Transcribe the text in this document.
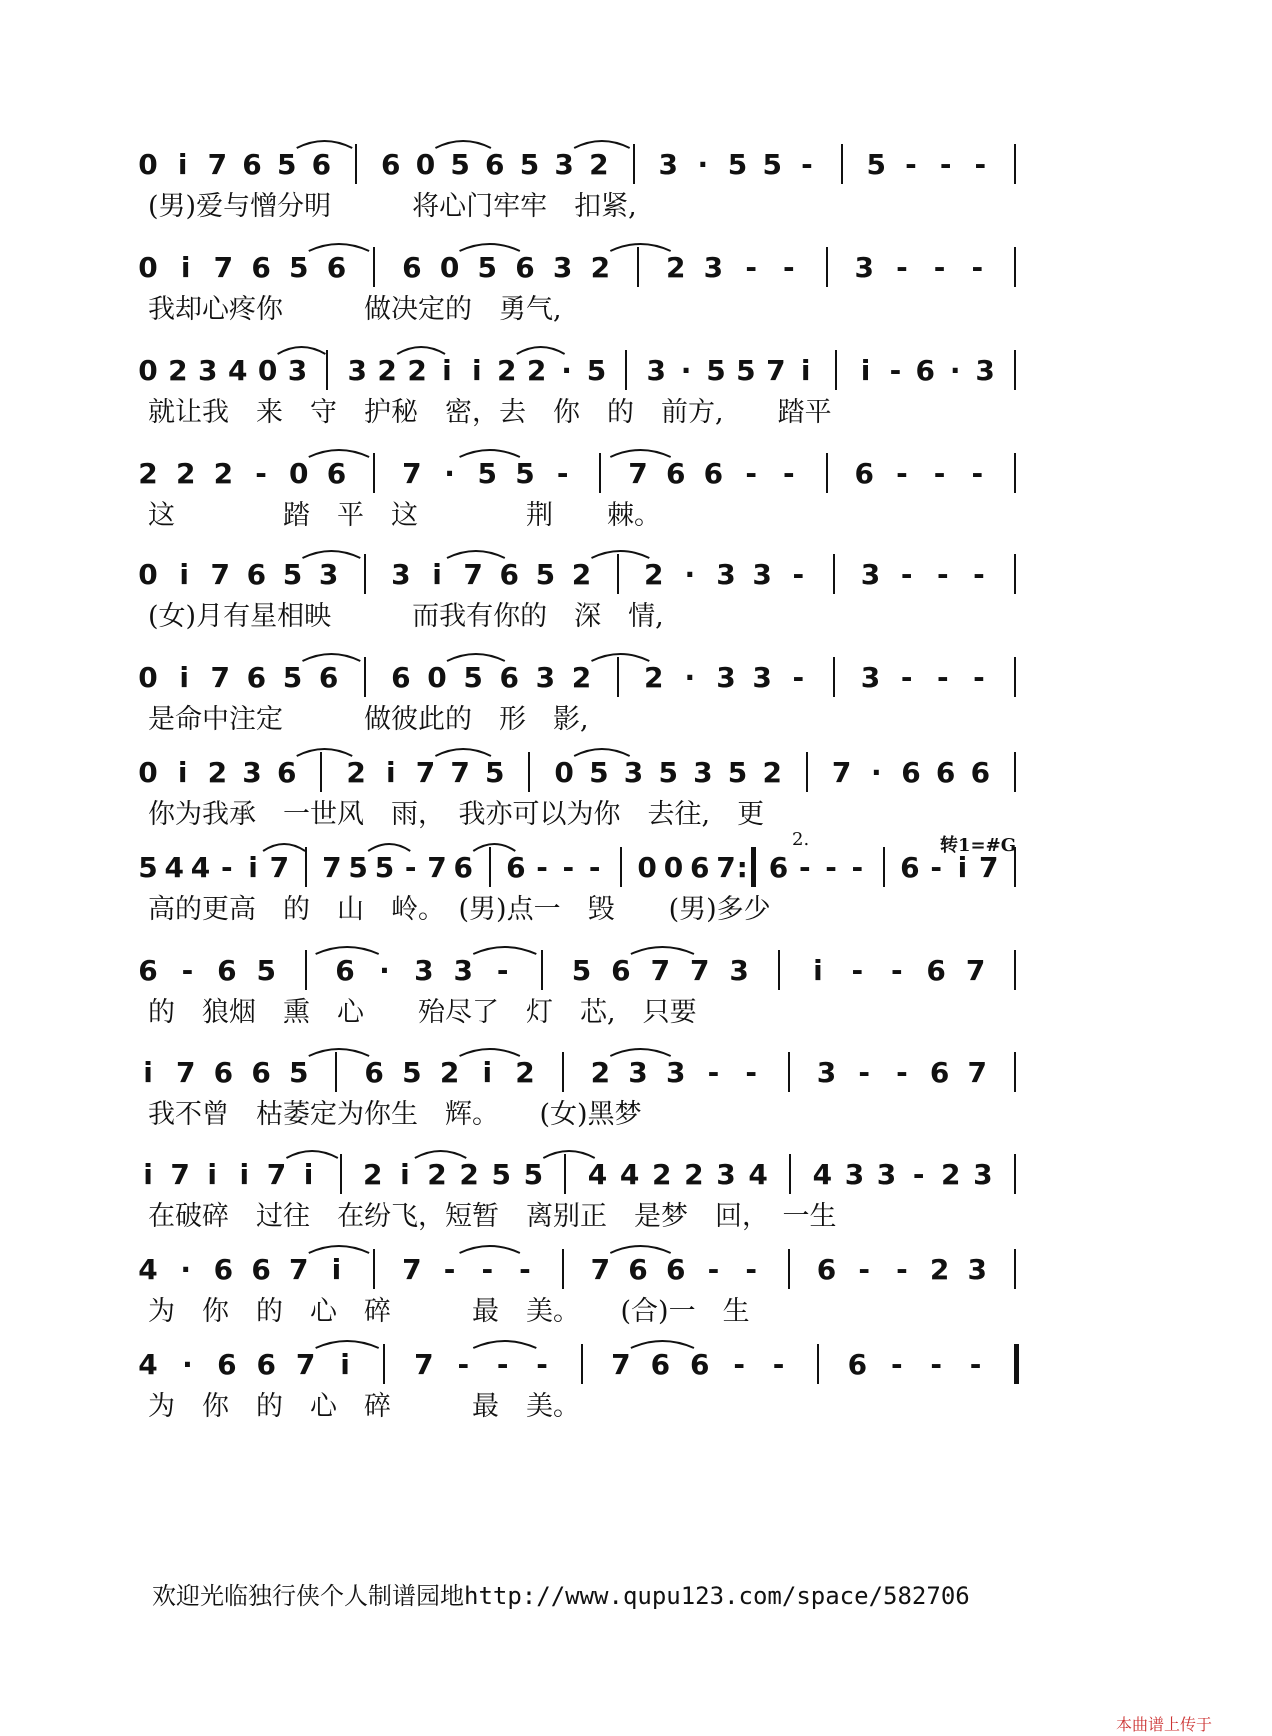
0 i 7 6 5 6 6 0 5 6 5 3 2 3 · 5 5 - 5 - - -
(男)爱与憎分明　　　将心门牢牢　扣紧,
0 i 7 6 5 6 6 0 5 6 3 2 2 3 - - 3 - - -
我却心疼你　　　做决定的　勇气,
0 2 3 4 0 3 3 2 2 i i 2 2 · 5 3 · 5 5 7 i i - 6 · 3
就让我　来　守　护秘　密，去　你　的　前方,　　踏平
2 2 2 - 0 6 7 · 5 5 - 7 6 6 - - 6 - - -
这　　　　踏　平　这　　　　荆　　棘。
0 i 7 6 5 3 3 i 7 6 5 2 2 · 3 3 - 3 - - -
(女)月有星相映　　　而我有你的　深　情,
0 i 7 6 5 6 6 0 5 6 3 2 2 · 3 3 - 3 - - -
是命中注定　　　做彼此的　形　影,
0 i 2 3 6 2 i 7 7 5 0 5 3 5 3 5 2 7 · 6 6 6
你为我承　一世风　雨，　我亦可以为你　去往,　更
5 4 4 - i 7 7 5 5 - 7 6 6 - - - 0 0 6 7 : 6 - - - 6 - i 7
高的更高　的　山　岭。　(男)点一　毁　　(男)多少
2.	转1=#G
6 - 6 5 6 · 3 3 - 5 6 7 7 3 i - - 6 7
的　狼烟　熏　心　　殆尽了　灯　芯,　只要
i 7 6 6 5 6 5 2 i 2 2 3 3 - - 3 - - 6 7
我不曾　枯萎定为你生　辉。　　(女)黑梦
i 7 i i 7 i 2 i 2 2 5 5 4 4 2 2 3 4 4 3 3 - 2 3
在破碎　过往　在纷飞，短暂　离别正　是梦　回，　一生
4 · 6 6 7 i 7 - - - 7 6 6 - - 6 - - 2 3
为　你　的　心　碎　　　最　美。　　(合)一　生
4 · 6 6 7 i 7 - - - 7 6 6 - - 6 - - -
为　你　的　心　碎　　　最　美。
欢迎光临独行侠个人制谱园地http://www.qupu123.com/space/582706
本曲谱上传于
